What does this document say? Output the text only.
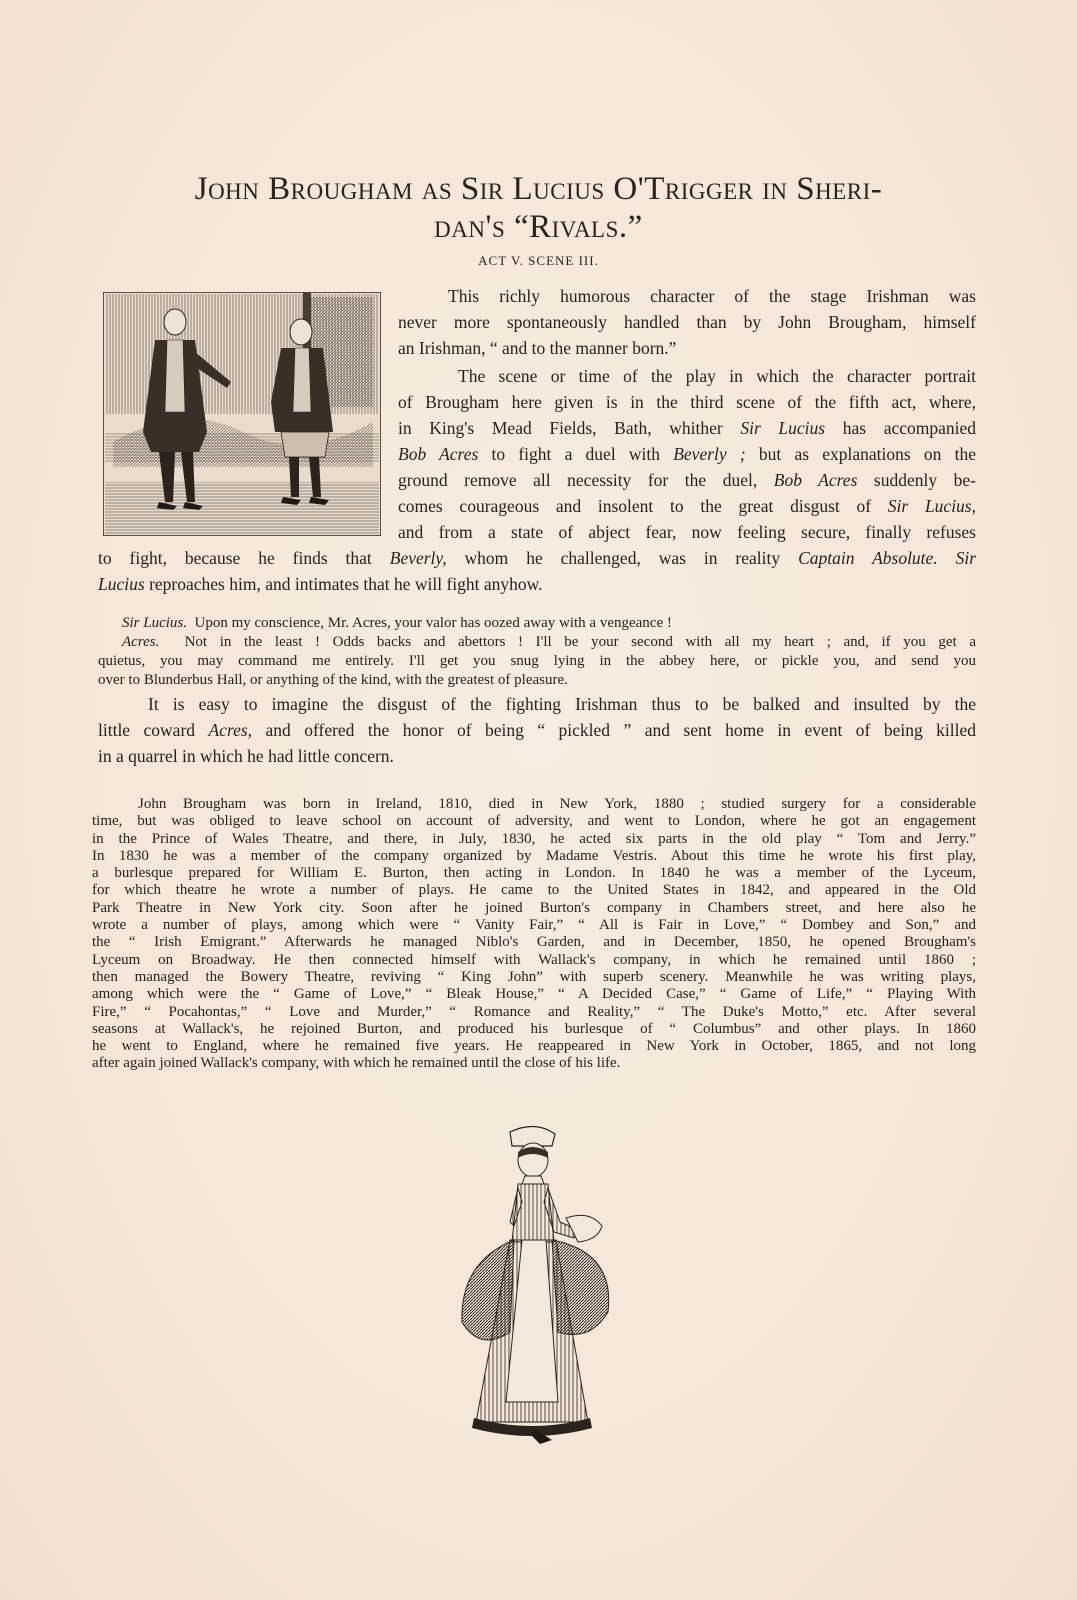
John Brougham as Sir Lucius O'Trigger in Sheri-
dan's “Rivals.”
ACT V. SCENE III.
This richly humorous character of the stage Irishman was
never more spontaneously handled than by John Brougham, himself
an Irishman, “ and to the manner born.”
The scene or time of the play in which the character portrait
of Brougham here given is in the third scene of the fifth act, where,
in King's Mead Fields, Bath, whither Sir Lucius has accompanied
Bob Acres to fight a duel with Beverly ; but as explanations on the
ground remove all necessity for the duel, Bob Acres suddenly be-
comes courageous and insolent to the great disgust of Sir Lucius,
and from a state of abject fear, now feeling secure, finally refuses
to fight, because he finds that Beverly, whom he challenged, was in reality Captain Absolute. Sir
Lucius reproaches him, and intimates that he will fight anyhow.
Sir Lucius. Upon my conscience, Mr. Acres, your valor has oozed away with a vengeance !
Acres. Not in the least ! Odds backs and abettors ! I'll be your second with all my heart ; and, if you get a
quietus, you may command me entirely. I'll get you snug lying in the abbey here, or pickle you, and send you
over to Blunderbus Hall, or anything of the kind, with the greatest of pleasure.
It is easy to imagine the disgust of the fighting Irishman thus to be balked and insulted by the
little coward Acres, and offered the honor of being “ pickled ” and sent home in event of being killed
in a quarrel in which he had little concern.
John Brougham was born in Ireland, 1810, died in New York, 1880 ; studied surgery for a considerable
time, but was obliged to leave school on account of adversity, and went to London, where he got an engagement
in the Prince of Wales Theatre, and there, in July, 1830, he acted six parts in the old play “ Tom and Jerry.”
In 1830 he was a member of the company organized by Madame Vestris. About this time he wrote his first play,
a burlesque prepared for William E. Burton, then acting in London. In 1840 he was a member of the Lyceum,
for which theatre he wrote a number of plays. He came to the United States in 1842, and appeared in the Old
Park Theatre in New York city. Soon after he joined Burton's company in Chambers street, and here also he
wrote a number of plays, among which were “ Vanity Fair,” “ All is Fair in Love,” “ Dombey and Son,” and
the “ Irish Emigrant.” Afterwards he managed Niblo's Garden, and in December, 1850, he opened Brougham's
Lyceum on Broadway. He then connected himself with Wallack's company, in which he remained until 1860 ;
then managed the Bowery Theatre, reviving “ King John” with superb scenery. Meanwhile he was writing plays,
among which were the “ Game of Love,” “ Bleak House,” “ A Decided Case,” “ Game of Life,” “ Playing With
Fire,” “ Pocahontas,” “ Love and Murder,” “ Romance and Reality,” “ The Duke's Motto,” etc. After several
seasons at Wallack's, he rejoined Burton, and produced his burlesque of “ Columbus” and other plays. In 1860
he went to England, where he remained five years. He reappeared in New York in October, 1865, and not long
after again joined Wallack's company, with which he remained until the close of his life.
